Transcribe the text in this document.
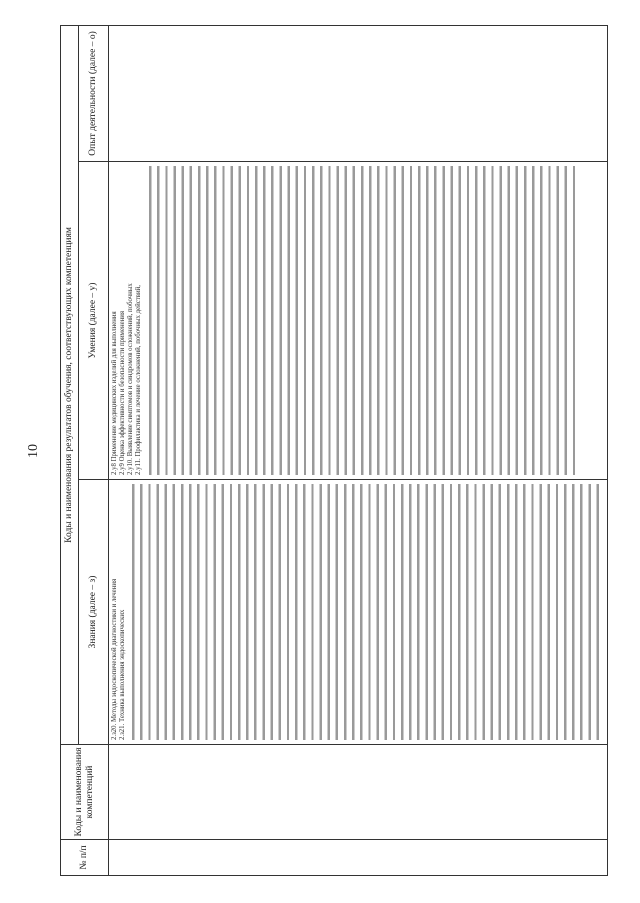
10
№ п/п	Коды и наименования компетенций	Коды и наименования результатов обучения, соответствующих компетенциям		
		Знания (далее – з)	Умения (далее – у)	Опыт деятельности (далее – о)

		2.з20. Методы эндоскопической диагностики и лечения 2.з21. Техника выполнения эндоскопических	2.у8 Применение медицинских изделий для выполнения 2.у9 Оценка эффективности и безопасности применения 2.у10. Выявление симптомов и синдромов осложнений, побочных 2.у11. Профилактика и лечение осложнений, побочных действий,	
